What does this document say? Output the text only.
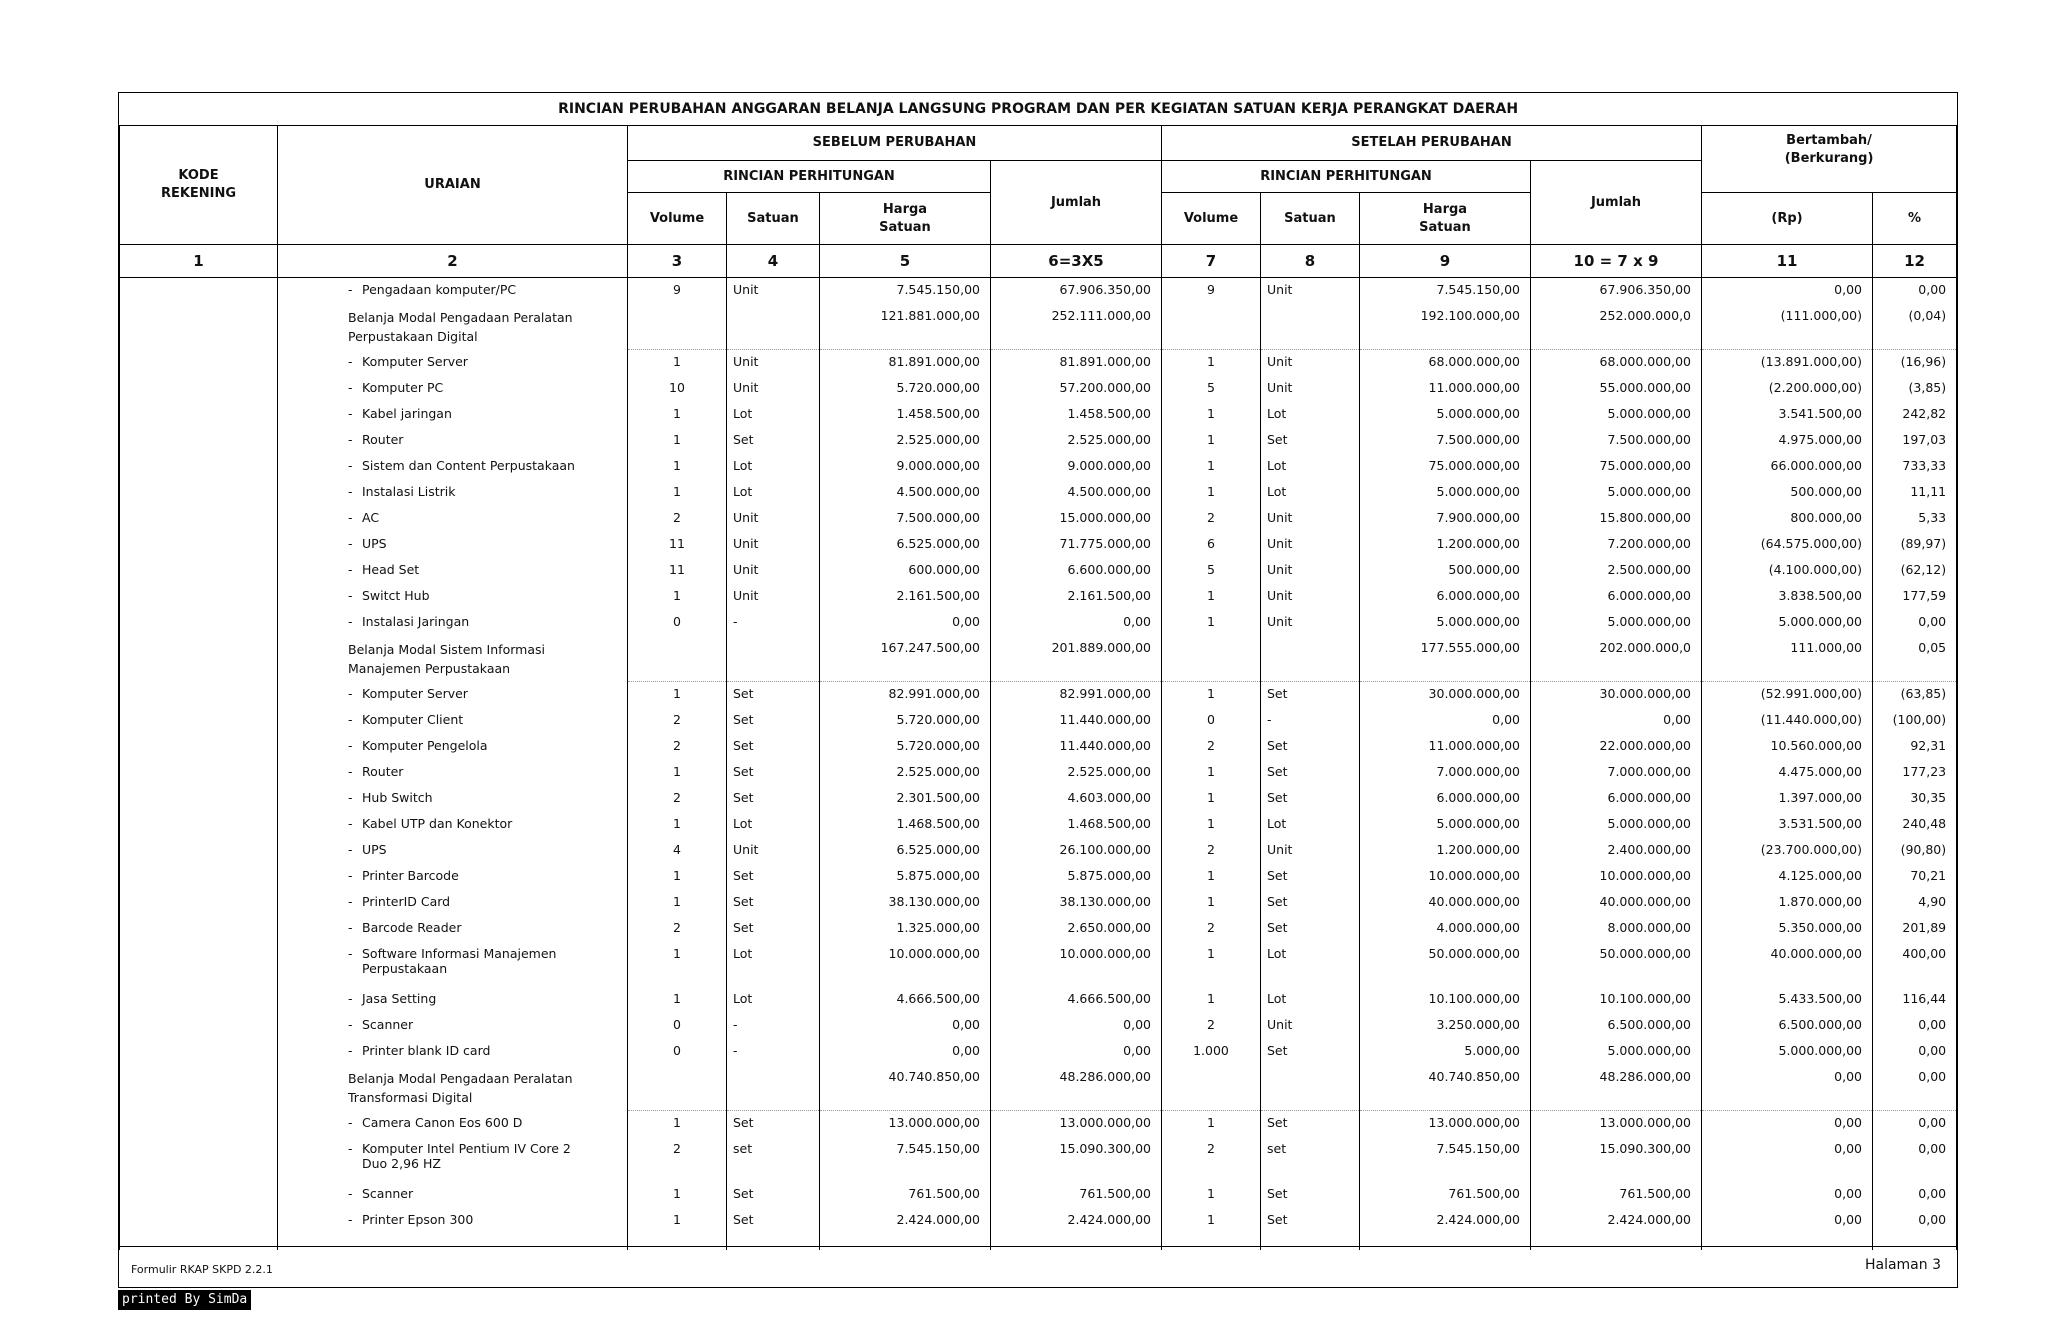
RINCIAN PERUBAHAN ANGGARAN BELANJA LANGSUNG PROGRAM DAN PER KEGIATAN SATUAN KERJA PERANGKAT DAERAH											
KODE REKENING	URAIAN	SEBELUM PERUBAHAN				SETELAH PERUBAHAN				Bertambah/ (Berkurang)	
		RINCIAN PERHITUNGAN			Jumlah	RINCIAN PERHITUNGAN			Jumlah		
		Volume	Satuan	Harga Satuan		Volume	Satuan	Harga Satuan		(Rp)	%
1	2	3	4	5	6=3X5	7	8	9	10 = 7 x 9	11	12
	- Pengadaan komputer/PC	9	Unit	7.545.150,00	67.906.350,00	9	Unit	7.545.150,00	67.906.350,00	0,00	0,00

	Belanja Modal Pengadaan Peralatan Perpustakaan Digital			121.881.000,00	252.111.000,00			192.100.000,00	252.000.000,0	(111.000,00)	(0,04)
	- Komputer Server	1	Unit	81.891.000,00	81.891.000,00	1	Unit	68.000.000,00	68.000.000,00	(13.891.000,00)	(16,96)
	- Komputer PC	10	Unit	5.720.000,00	57.200.000,00	5	Unit	11.000.000,00	55.000.000,00	(2.200.000,00)	(3,85)
	- Kabel jaringan	1	Lot	1.458.500,00	1.458.500,00	1	Lot	5.000.000,00	5.000.000,00	3.541.500,00	242,82
	- Router	1	Set	2.525.000,00	2.525.000,00	1	Set	7.500.000,00	7.500.000,00	4.975.000,00	197,03
	- Sistem dan Content Perpustakaan	1	Lot	9.000.000,00	9.000.000,00	1	Lot	75.000.000,00	75.000.000,00	66.000.000,00	733,33
	- Instalasi Listrik	1	Lot	4.500.000,00	4.500.000,00	1	Lot	5.000.000,00	5.000.000,00	500.000,00	11,11
	- AC	2	Unit	7.500.000,00	15.000.000,00	2	Unit	7.900.000,00	15.800.000,00	800.000,00	5,33
	- UPS	11	Unit	6.525.000,00	71.775.000,00	6	Unit	1.200.000,00	7.200.000,00	(64.575.000,00)	(89,97)
	- Head Set	11	Unit	600.000,00	6.600.000,00	5	Unit	500.000,00	2.500.000,00	(4.100.000,00)	(62,12)
	- Switct Hub	1	Unit	2.161.500,00	2.161.500,00	1	Unit	6.000.000,00	6.000.000,00	3.838.500,00	177,59
	- Instalasi Jaringan	0	-	0,00	0,00	1	Unit	5.000.000,00	5.000.000,00	5.000.000,00	0,00

	Belanja Modal Sistem Informasi Manajemen Perpustakaan			167.247.500,00	201.889.000,00			177.555.000,00	202.000.000,0	111.000,00	0,05
	- Komputer Server	1	Set	82.991.000,00	82.991.000,00	1	Set	30.000.000,00	30.000.000,00	(52.991.000,00)	(63,85)
	- Komputer Client	2	Set	5.720.000,00	11.440.000,00	0	-	0,00	0,00	(11.440.000,00)	(100,00)
	- Komputer Pengelola	2	Set	5.720.000,00	11.440.000,00	2	Set	11.000.000,00	22.000.000,00	10.560.000,00	92,31
	- Router	1	Set	2.525.000,00	2.525.000,00	1	Set	7.000.000,00	7.000.000,00	4.475.000,00	177,23
	- Hub Switch	2	Set	2.301.500,00	4.603.000,00	1	Set	6.000.000,00	6.000.000,00	1.397.000,00	30,35
	- Kabel UTP dan Konektor	1	Lot	1.468.500,00	1.468.500,00	1	Lot	5.000.000,00	5.000.000,00	3.531.500,00	240,48
	- UPS	4	Unit	6.525.000,00	26.100.000,00	2	Unit	1.200.000,00	2.400.000,00	(23.700.000,00)	(90,80)
	- Printer Barcode	1	Set	5.875.000,00	5.875.000,00	1	Set	10.000.000,00	10.000.000,00	4.125.000,00	70,21
	- PrinterID Card	1	Set	38.130.000,00	38.130.000,00	1	Set	40.000.000,00	40.000.000,00	1.870.000,00	4,90
	- Barcode Reader	2	Set	1.325.000,00	2.650.000,00	2	Set	4.000.000,00	8.000.000,00	5.350.000,00	201,89
	- Software Informasi Manajemen
Perpustakaan	1	Lot	10.000.000,00	10.000.000,00	1	Lot	50.000.000,00	50.000.000,00	40.000.000,00	400,00
	- Jasa Setting	1	Lot	4.666.500,00	4.666.500,00	1	Lot	10.100.000,00	10.100.000,00	5.433.500,00	116,44
	- Scanner	0	-	0,00	0,00	2	Unit	3.250.000,00	6.500.000,00	6.500.000,00	0,00
	- Printer blank ID card	0	-	0,00	0,00	1.000	Set	5.000,00	5.000.000,00	5.000.000,00	0,00

	Belanja Modal Pengadaan Peralatan Transformasi Digital			40.740.850,00	48.286.000,00			40.740.850,00	48.286.000,00	0,00	0,00
	- Camera Canon Eos 600 D	1	Set	13.000.000,00	13.000.000,00	1	Set	13.000.000,00	13.000.000,00	0,00	0,00
	- Komputer Intel Pentium IV Core 2
Duo 2,96 HZ	2	set	7.545.150,00	15.090.300,00	2	set	7.545.150,00	15.090.300,00	0,00	0,00
	- Scanner	1	Set	761.500,00	761.500,00	1	Set	761.500,00	761.500,00	0,00	0,00
	- Printer Epson 300	1	Set	2.424.000,00	2.424.000,00	1	Set	2.424.000,00	2.424.000,00	0,00	0,00

Formulir RKAP SKPD 2.2.1	Halaman 3
printed By SimDa
